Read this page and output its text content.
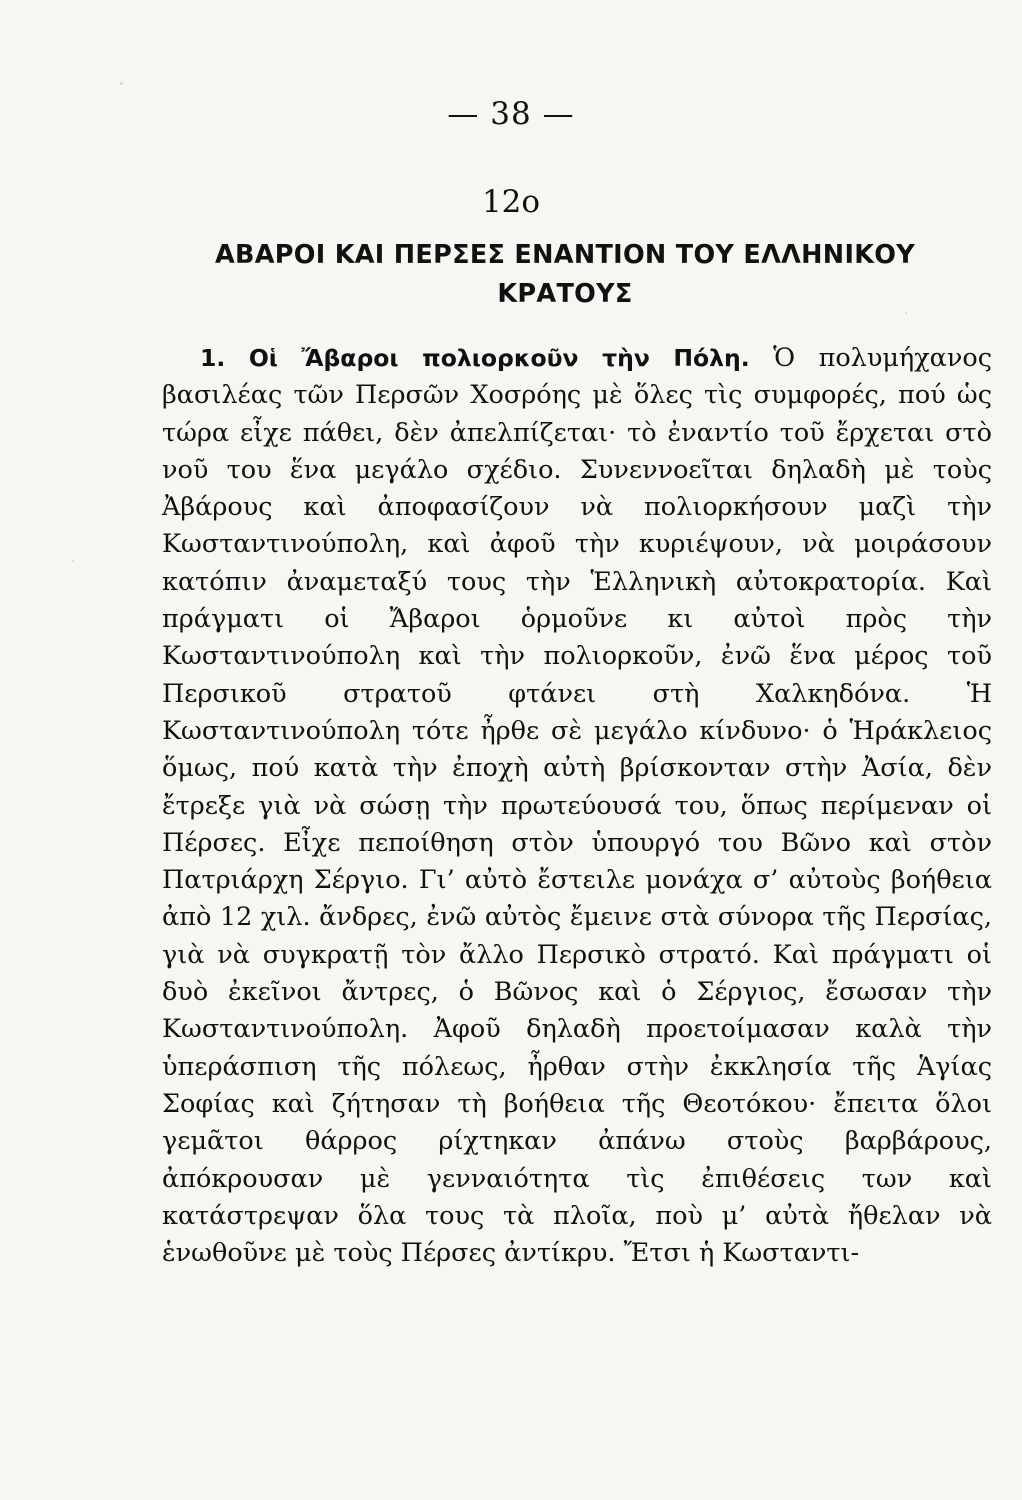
— 38 —
12o
ΑΒΑΡΟΙ ΚΑΙ ΠΕΡΣΕΣ ΕΝΑΝΤΙΟΝ ΤΟΥ ΕΛΛΗΝΙΚΟΥ ΚΡΑΤΟΥΣ

1. Οἱ Ἄβαροι πολιορκοῦν τὴν Πόλη. Ὁ πολυμήχανος βασιλέας τῶν Περσῶν Χοσρόης μὲ ὅλες τὶς συμφορές, πού ὡς τώρα εἶχε πάθει, δὲν ἀπελπίζεται· τὸ ἐναντίο τοῦ ἔρχεται στὸ νοῦ του ἕνα μεγάλο σχέδιο. Συνεννοεῖται δηλαδὴ μὲ τοὺς Ἀβάρους καὶ ἀποφασίζουν νὰ πολιορκήσουν μαζὶ τὴν Κωσταντινούπολη, καὶ ἀφοῦ τὴν κυριέψουν, νὰ μοιράσουν κατόπιν ἀναμεταξύ τους τὴν Ἑλληνικὴ αὐτοκρατορία. Καὶ πράγματι οἱ Ἄβαροι ὁρμοῦνε κι αὐτοὶ πρὸς τὴν Κωσταντινούπολη καὶ τὴν πολιορκοῦν, ἐνῶ ἕνα μέρος τοῦ Περσικοῦ στρατοῦ φτάνει στὴ Χαλκηδόνα. Ἡ Κωσταντινούπολη τότε ἦρθε σὲ μεγάλο κίνδυνο· ὁ Ἡράκλειος ὅμως, πού κατὰ τὴν ἐποχὴ αὐτὴ βρίσκονταν στὴν Ἀσία, δὲν ἔτρεξε γιὰ νὰ σώσῃ τὴν πρωτεύουσά του, ὅπως περίμεναν οἱ Πέρσες. Εἶχε πεποίθηση στὸν ὑπουργό του Βῶνο καὶ στὸν Πατριάρχη Σέργιο. Γι’ αὐτὸ ἔστειλε μονάχα σ’ αὐτοὺς βοήθεια ἀπὸ 12 χιλ. ἄνδρες, ἐνῶ αὐτὸς ἔμεινε στὰ σύνορα τῆς Περσίας, γιὰ νὰ συγκρατῇ τὸν ἄλλο Περσικὸ στρατό. Καὶ πράγματι οἱ δυὸ ἐκεῖνοι ἄντρες, ὁ Βῶνος καὶ ὁ Σέργιος, ἔσωσαν τὴν Κωσταντινούπολη. Ἀφοῦ δηλαδὴ προετοίμασαν καλὰ τὴν ὑπεράσπιση τῆς πόλεως, ἦρθαν στὴν ἐκκλησία τῆς Ἁγίας Σοφίας καὶ ζήτησαν τὴ βοήθεια τῆς Θεοτόκου· ἔπειτα ὅλοι γεμᾶτοι θάρρος ρίχτηκαν ἀπάνω στοὺς βαρβάρους, ἀπόκρουσαν μὲ γενναιότητα τὶς ἐπιθέσεις των καὶ κατάστρεψαν ὅλα τους τὰ πλοῖα, ποὺ μ’ αὐτὰ ἤθελαν νὰ ἑνωθοῦνε μὲ τοὺς Πέρσες ἀντίκρυ. Ἔτσι ἡ Κωσταντι-
